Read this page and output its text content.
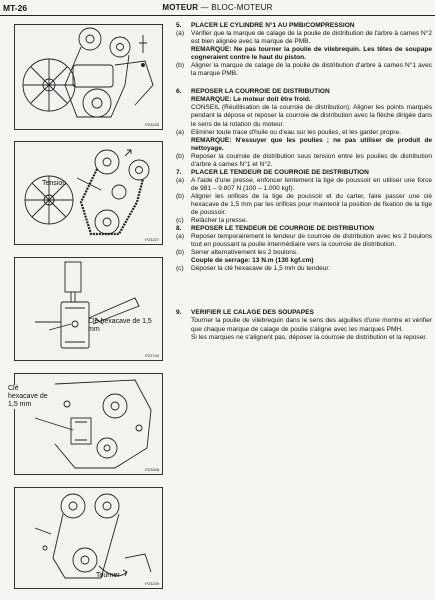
MT-26	MOTEUR — BLOC-MOTEUR
P23226
P23227
Tension
P22744
Clé hexacave de 1,5 mm
P22848
Clé hexacave de 1,5 mm
P23239
Tourner
5.	PLACER LE CYLINDRE N°1 AU PMB/COMPRESSION
(a)	Vérifier que la marque de calage de la poulie de distribution de l'arbre à cames N°2 est bien alignée avec la marque de PMB.
REMARQUE: Ne pas tourner la poulie de vilebrequin. Les têtes de soupape cogneraient contre le haut du piston.
(b)	Aligner la marque de calage de la poulie de distribution d'arbre à cames N°1 avec la marque PMB.
6.	REPOSER LA COURROIE DE DISTRIBUTION
REMARQUE: Le moteur doit être froid.
CONSEIL (Réutilisation de la courroie de distribution): Aligner les points marqués pendant la dépose et reposer la courroie de distribution avec la flèche dirigée dans le sens de la rotation du moteur.
(a)	Eliminer toute trace d'huile ou d'eau sur les poulies, et les garder propre.
REMARQUE: N'essuyer que les poulies ; ne pas utiliser de produit de nettoyage.
(b)	Reposer la courroie de distribution sous tension entre les poulies de distribution d'arbre à cames N°1 et N°2.
7.	PLACER LE TENDEUR DE COURROIE DE DISTRIBUTION
(a)	A l'aide d'une presse, enfoncer lentement la tige de poussoir en utiliser une force de 981 – 9.807 N (100 – 1.000 kgf).
(b)	Aligner les orifices de la tige de poussoir et du carter, faire passer une clé hexacave de 1,5 mm par les orifices pour maintenir la position de fixation de la tige de poussoir.
(c)	Relâcher la presse.
8.	REPOSER LE TENDEUR DE COURROIE DE DISTRIBUTION
(a)	Reposer temporairement le tendeur de courroie de distribution avec les 2 boulons tout en poussant la poulie intermédiaire vers la courroie de distribution.
(b)	Serrer alternativement les 2 boulons.
Couple de serrage: 13 N.m (130 kgf.cm)
(c)	Déposer la clé hexacave de 1,5 mm du tendeur.
9.	VERIFIER LE CALAGE DES SOUPAPES
Tourner la poulie de vilebrequin dans le sens des aiguilles d'une montre et vérifier que chaque marque de calage de poulie s'aligne avec les marques PMH.
Si les marques ne s'alignent pas, déposer la courroie de distribution et la reposer.
